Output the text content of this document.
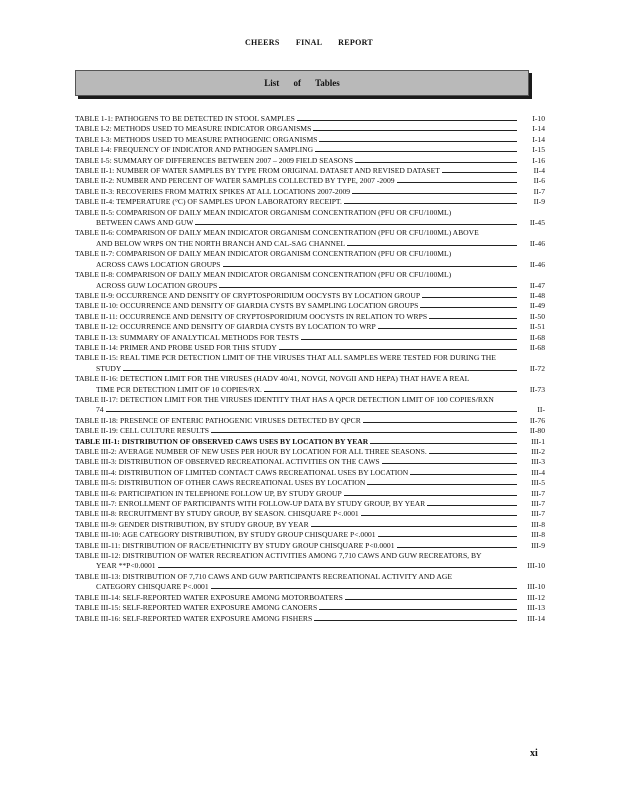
CHEERS FINAL REPORT
List of Tables
TABLE 1-1: PATHOGENS TO BE DETECTED IN STOOL SAMPLES	I-10
TABLE I-2: METHODS USED TO MEASURE INDICATOR ORGANISMS	I-14
TABLE I-3: METHODS USED TO MEASURE PATHOGENIC ORGANISMS	I-14
TABLE I-4: FREQUENCY OF INDICATOR AND PATHOGEN SAMPLING	I-15
TABLE I-5: SUMMARY OF DIFFERENCES BETWEEN 2007 – 2009 FIELD SEASONS	I-16
TABLE II-1: NUMBER OF WATER SAMPLES BY TYPE FROM ORIGINAL DATASET AND REVISED DATASET	II-4
TABLE II-2: NUMBER AND PERCENT OF WATER SAMPLES COLLECTED BY TYPE, 2007 -2009	II-6
TABLE II-3: RECOVERIES FROM MATRIX SPIKES AT ALL LOCATIONS 2007-2009	II-7
TABLE II-4: TEMPERATURE (°C) OF SAMPLES UPON LABORATORY RECEIPT.	II-9
TABLE II-5: COMPARISON OF DAILY MEAN INDICATOR ORGANISM CONCENTRATION (PFU OR CFU/100ML)
BETWEEN CAWS AND GUW	II-45
TABLE II-6: COMPARISON OF DAILY MEAN INDICATOR ORGANISM CONCENTRATION (PFU OR CFU/100ML) ABOVE
AND BELOW WRPS ON THE NORTH BRANCH AND CAL-SAG CHANNEL	II-46
TABLE II-7: COMPARISON OF DAILY MEAN INDICATOR ORGANISM CONCENTRATION (PFU OR CFU/100ML)
ACROSS CAWS LOCATION GROUPS	II-46
TABLE II-8: COMPARISON OF DAILY MEAN INDICATOR ORGANISM CONCENTRATION (PFU OR CFU/100ML)
ACROSS GUW LOCATION GROUPS	II-47
TABLE II-9: OCCURRENCE AND DENSITY OF CRYPTOSPORIDIUM OOCYSTS BY LOCATION GROUP	II-48
TABLE II-10: OCCURRENCE AND DENSITY OF GIARDIA CYSTS BY SAMPLING LOCATION GROUPS	II-49
TABLE II-11: OCCURRENCE AND DENSITY OF CRYPTOSPORIDIUM OOCYSTS IN RELATION TO WRPS	II-50
TABLE II-12: OCCURRENCE AND DENSITY OF GIARDIA CYSTS BY LOCATION TO WRP	II-51
TABLE II-13: SUMMARY OF ANALYTICAL METHODS FOR TESTS	II-68
TABLE II-14: PRIMER AND PROBE USED FOR THIS STUDY	II-68
TABLE II-15: REAL TIME PCR DETECTION LIMIT OF THE VIRUSES THAT ALL SAMPLES WERE TESTED FOR DURING THE
STUDY	II-72
TABLE II-16: DETECTION LIMIT FOR THE VIRUSES (HADV 40/41, NOVGI, NOVGII AND HEPA) THAT HAVE A REAL
TIME PCR DETECTION LIMIT OF 10 COPIES/RX.	II-73
TABLE II-17: DETECTION LIMIT FOR THE VIRUSES IDENTITY THAT HAS A QPCR DETECTION LIMIT OF 100 COPIES/RXN
74	II-
TABLE II-18: PRESENCE OF ENTERIC PATHOGENIC VIRUSES DETECTED BY QPCR	II-76
TABLE II-19: CELL CULTURE RESULTS	II-80
TABLE III-1: DISTRIBUTION OF OBSERVED CAWS USES BY LOCATION BY YEAR	III-1
TABLE III-2: AVERAGE NUMBER OF NEW USES PER HOUR BY LOCATION FOR ALL THREE SEASONS.	III-2
TABLE III-3: DISTRIBUTION OF OBSERVED RECREATIONAL ACTIVITIES ON THE CAWS	III-3
TABLE III-4: DISTRIBUTION OF LIMITED CONTACT CAWS RECREATIONAL USES BY LOCATION	III-4
TABLE III-5: DISTRIBUTION OF OTHER CAWS RECREATIONAL USES BY LOCATION	III-5
TABLE III-6: PARTICIPATION IN TELEPHONE FOLLOW UP, BY STUDY GROUP	III-7
TABLE III-7: ENROLLMENT OF PARTICIPANTS WITH FOLLOW-UP DATA BY STUDY GROUP, BY YEAR	III-7
TABLE III-8: RECRUITMENT BY STUDY GROUP, BY SEASON. CHISQUARE P<.0001	III-7
TABLE III-9: GENDER DISTRIBUTION, BY STUDY GROUP, BY YEAR	III-8
TABLE III-10: AGE CATEGORY DISTRIBUTION, BY STUDY GROUP CHISQUARE P<.0001	III-8
TABLE III-11: DISTRIBUTION OF RACE/ETHNICITY BY STUDY GROUP CHISQUARE P<0.0001	III-9
TABLE III-12: DISTRIBUTION OF WATER RECREATION ACTIVITIES AMONG 7,710 CAWS AND GUW RECREATORS, BY
YEAR **P<0.0001	III-10
TABLE III-13: DISTRIBUTION OF 7,710 CAWS AND GUW PARTICIPANTS RECREATIONAL ACTIVITY AND AGE
CATEGORY CHISQUARE P<.0001	III-10
TABLE III-14: SELF-REPORTED WATER EXPOSURE AMONG MOTORBOATERS	III-12
TABLE III-15: SELF-REPORTED WATER EXPOSURE AMONG CANOERS	III-13
TABLE III-16: SELF-REPORTED WATER EXPOSURE AMONG FISHERS	III-14
xi
